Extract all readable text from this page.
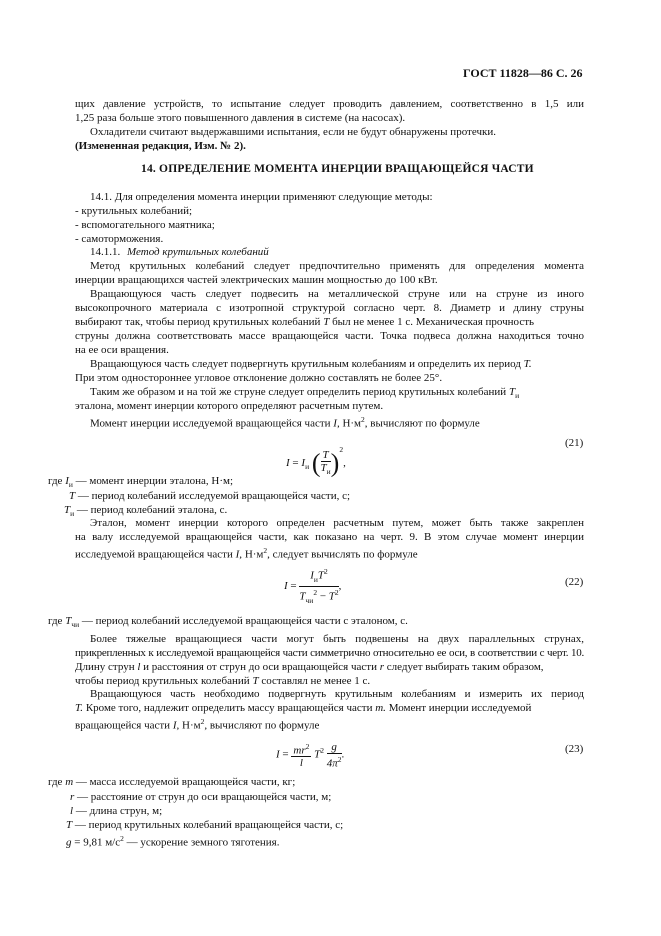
ГОСТ 11828—86 С. 26
щих давление устройств, то испытание следует проводить давлением, соответственно в 1,5 или
1,25 раза больше этого повышенного давления в системе (на насосах).
Охладители считают выдержавшими испытания, если не будут обнаружены протечки.
(Измененная редакция, Изм. № 2).
14. ОПРЕДЕЛЕНИЕ МОМЕНТА ИНЕРЦИИ ВРАЩАЮЩЕЙСЯ ЧАСТИ
14.1. Для определения момента инерции применяют следующие методы:
- крутильных колебаний;
- вспомогательного маятника;
- самоторможения.
14.1.1. Метод крутильных колебаний
Метод крутильных колебаний следует предпочтительно применять для определения момента
инерции вращающихся частей электрических машин мощностью до 100 кВт.
Вращающуюся часть следует подвесить на металлической струне или на струне из иного
высокопрочного материала с изотропной структурой согласно черт. 8. Диаметр и длину струны
выбирают так, чтобы период крутильных колебаний T был не менее 1 с. Механическая прочность
струны должна соответствовать массе вращающейся части. Точка подвеса должна находиться точно
на ее оси вращения.
Вращающуюся часть следует подвергнуть крутильным колебаниям и определить их период T.
При этом одностороннее угловое отклонение должно составлять не более 25°.
Таким же образом и на той же струне следует определить период крутильных колебаний $T_и$
эталона, момент инерции которого определяют расчетным путем.
Момент инерции исследуемой вращающейся части I, $Н\cdot м^2$, вычисляют по формуле
$I = I_и$ ( $\frac{T}{T_и} )^2$,
(21)
где $I_и$ — момент инерции эталона, Н·м;
T — период колебаний исследуемой вращающейся части, с;
$T_и$ — период колебаний эталона, с.
Эталон, момент инерции которого определен расчетным путем, может быть также закреплен
на валу исследуемой вращающейся части, как показано на черт. 9. В этом случае момент инерции
исследуемой вращающейся части I, $Н\cdot м^2$, следует вычислять по формуле
$I = \frac{I_иT^2}{T_{чи}^2 - T^2}$ ,	(22)
где $T_{чи}$ — период колебаний исследуемой вращающейся части с эталоном, с.
Более тяжелые вращающиеся части могут быть подвешены на двух параллельных струнах,
прикрепленных к исследуемой вращающейся части симметрично относительно ее оси, в соответствии с черт. 10.
Длину струн l и расстояния от струн до оси вращающейся части r следует выбирать таким образом,
чтобы период крутильных колебаний T составлял не менее 1 с.
Вращающуюся часть необходимо подвергнуть крутильным колебаниям и измерить их период
T. Кроме того, надлежит определить массу вращающейся части m. Момент инерции исследуемой
вращающейся части I, $Н\cdot м^2$, вычисляют по формуле
$I = \frac{mr^2}{l} T^2 \frac{g}{4\pi^2}$ .	(23)
где m — масса исследуемой вращающейся части, кг;
r — расстояние от струн до оси вращающейся части, м;
l — длина струн, м;
T — период крутильных колебаний вращающейся части, с;
g = 9,81 $м/с^2$ — ускорение земного тяготения.
